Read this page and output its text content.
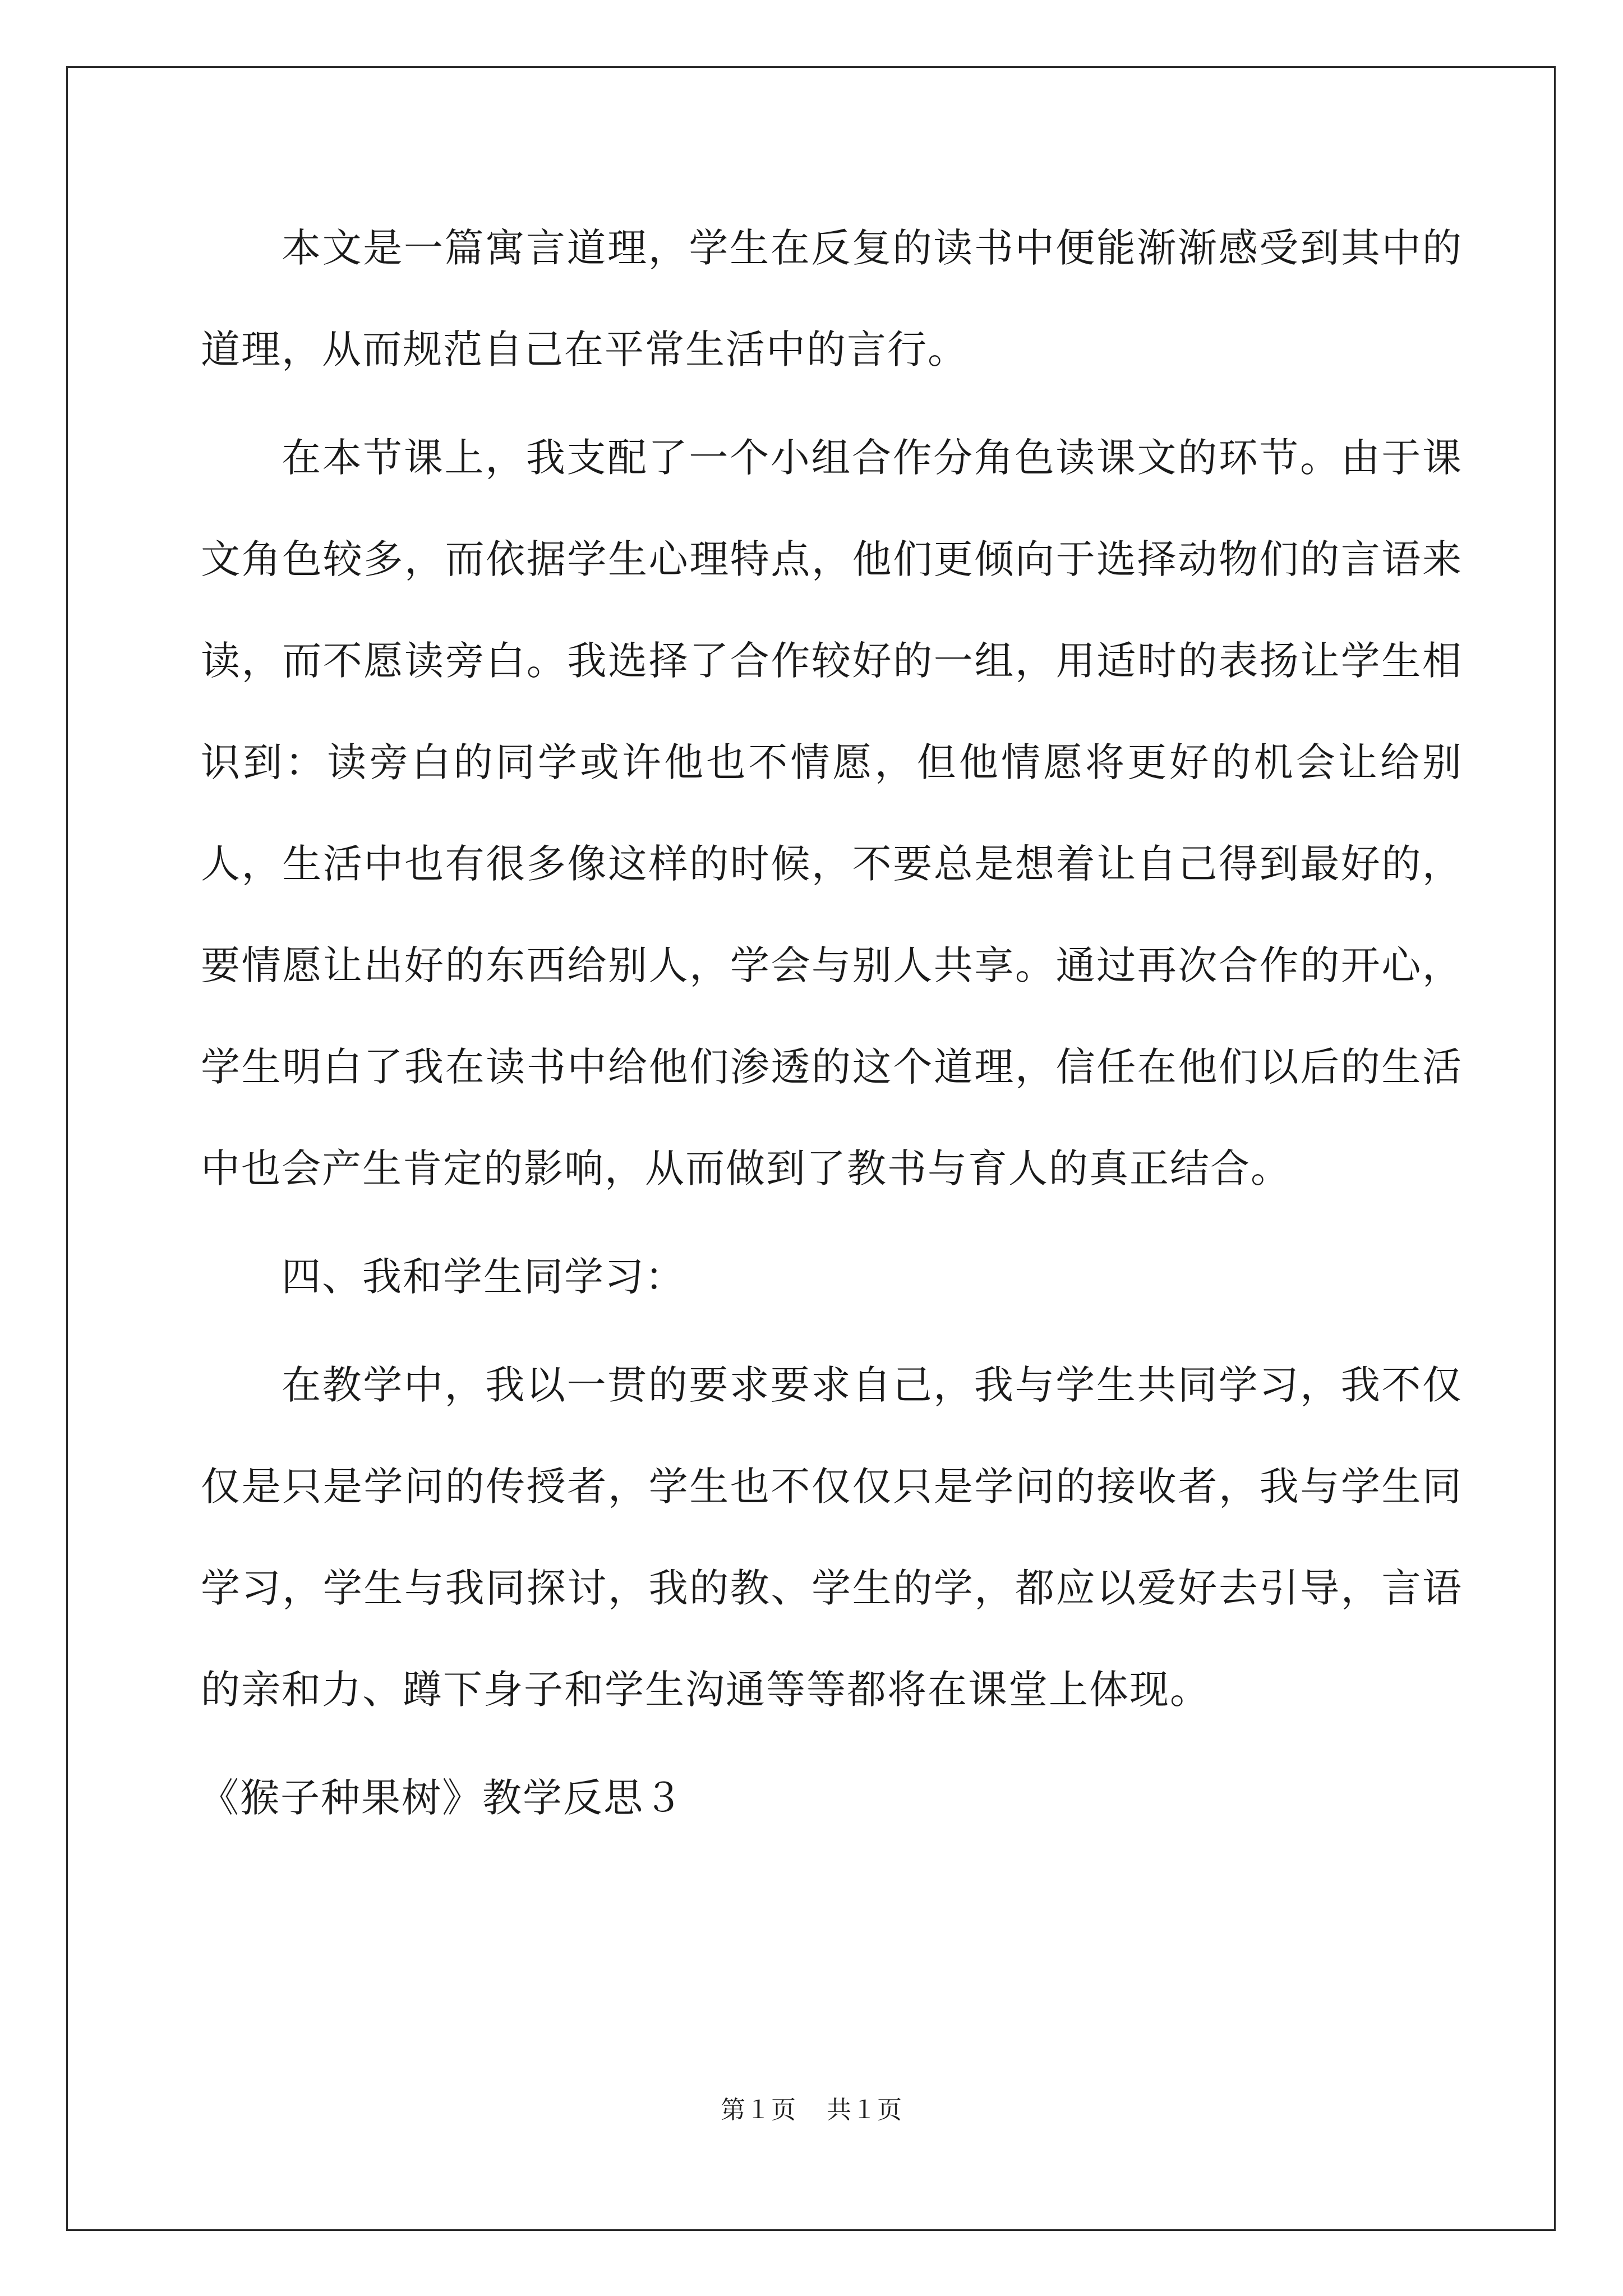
本文是一篇寓言道理，学生在反复的读书中便能渐渐感受到其中的道理，从而规范自己在平常生活中的言行。

在本节课上，我支配了一个小组合作分角色读课文的环节。由于课文角色较多，而依据学生心理特点，他们更倾向于选择动物们的言语来读，而不愿读旁白。我选择了合作较好的一组，用适时的表扬让学生相识到：读旁白的同学或许他也不情愿，但他情愿将更好的机会让给别人，生活中也有很多像这样的时候，不要总是想着让自己得到最好的，要情愿让出好的东西给别人，学会与别人共享。通过再次合作的开心，学生明白了我在读书中给他们渗透的这个道理，信任在他们以后的生活中也会产生肯定的影响，从而做到了教书与育人的真正结合。

四、我和学生同学习：

在教学中，我以一贯的要求要求自己，我与学生共同学习，我不仅仅是只是学问的传授者，学生也不仅仅只是学问的接收者，我与学生同学习，学生与我同探讨，我的教、学生的学，都应以爱好去引导，言语的亲和力、蹲下身子和学生沟通等等都将在课堂上体现。

《猴子种果树》教学反思３

第１页 共１页
